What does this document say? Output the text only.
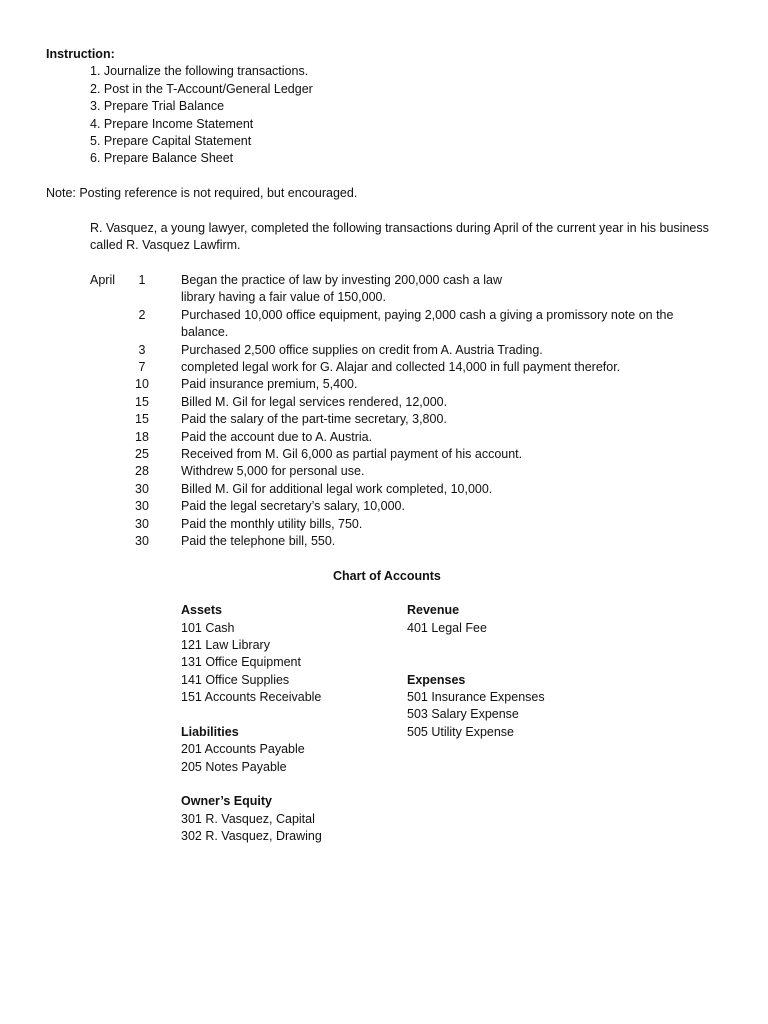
Instruction:
1. Journalize the following transactions.
2. Post in the T-Account/General Ledger
3. Prepare Trial Balance
4. Prepare Income Statement
5. Prepare Capital Statement
6. Prepare Balance Sheet
Note: Posting reference is not required, but encouraged.
R. Vasquez, a young lawyer, completed the following transactions during April of the current year in his business
called R. Vasquez Lawfirm.
April	1	Began the practice of law by investing 200,000 cash a law
library having a fair value of 150,000.
2	Purchased 10,000 office equipment, paying 2,000 cash a giving a promissory note on the
balance.
3	Purchased 2,500 office supplies on credit from A. Austria Trading.
7	completed legal work for G. Alajar and collected 14,000 in full payment therefor.
10	Paid insurance premium, 5,400.
15	Billed M. Gil for legal services rendered, 12,000.
15	Paid the salary of the part-time secretary, 3,800.
18	Paid the account due to A. Austria.
25	Received from M. Gil 6,000 as partial payment of his account.
28	Withdrew 5,000 for personal use.
30	Billed M. Gil for additional legal work completed, 10,000.
30	Paid the legal secretary’s salary, 10,000.
30	Paid the monthly utility bills, 750.
30	Paid the telephone bill, 550.
Chart of Accounts
Assets
101 Cash
121 Law Library
131 Office Equipment
141 Office Supplies
151 Accounts Receivable
Liabilities
201 Accounts Payable
205 Notes Payable
Owner’s Equity
301 R. Vasquez, Capital
302 R. Vasquez, Drawing
Revenue
401 Legal Fee
Expenses
501 Insurance Expenses
503 Salary Expense
505 Utility Expense
